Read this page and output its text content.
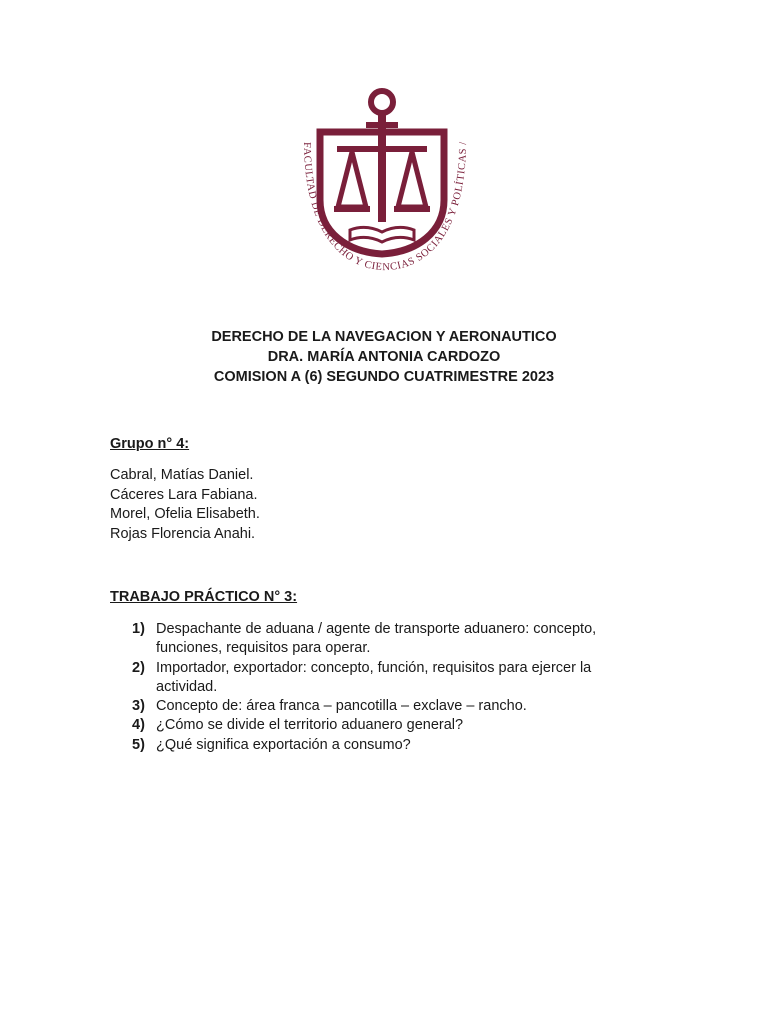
FACULTAD DE DERECHO Y CIENCIAS SOCIALES Y POLÍTICAS /
DERECHO DE LA NAVEGACION Y AERONAUTICO
DRA. MARÍA ANTONIA CARDOZO
COMISION A (6) SEGUNDO CUATRIMESTRE 2023
Grupo n° 4:
Cabral, Matías Daniel.
Cáceres Lara Fabiana.
Morel, Ofelia Elisabeth.
Rojas Florencia Anahi.
TRABAJO PRÁCTICO N° 3:
1) Despachante de aduana / agente de transporte aduanero: concepto, funciones, requisitos para operar.
2) Importador, exportador: concepto, función, requisitos para ejercer la actividad.
3) Concepto de: área franca – pancotilla – exclave – rancho.
4) ¿Cómo se divide el territorio aduanero general?
5) ¿Qué significa exportación a consumo?
